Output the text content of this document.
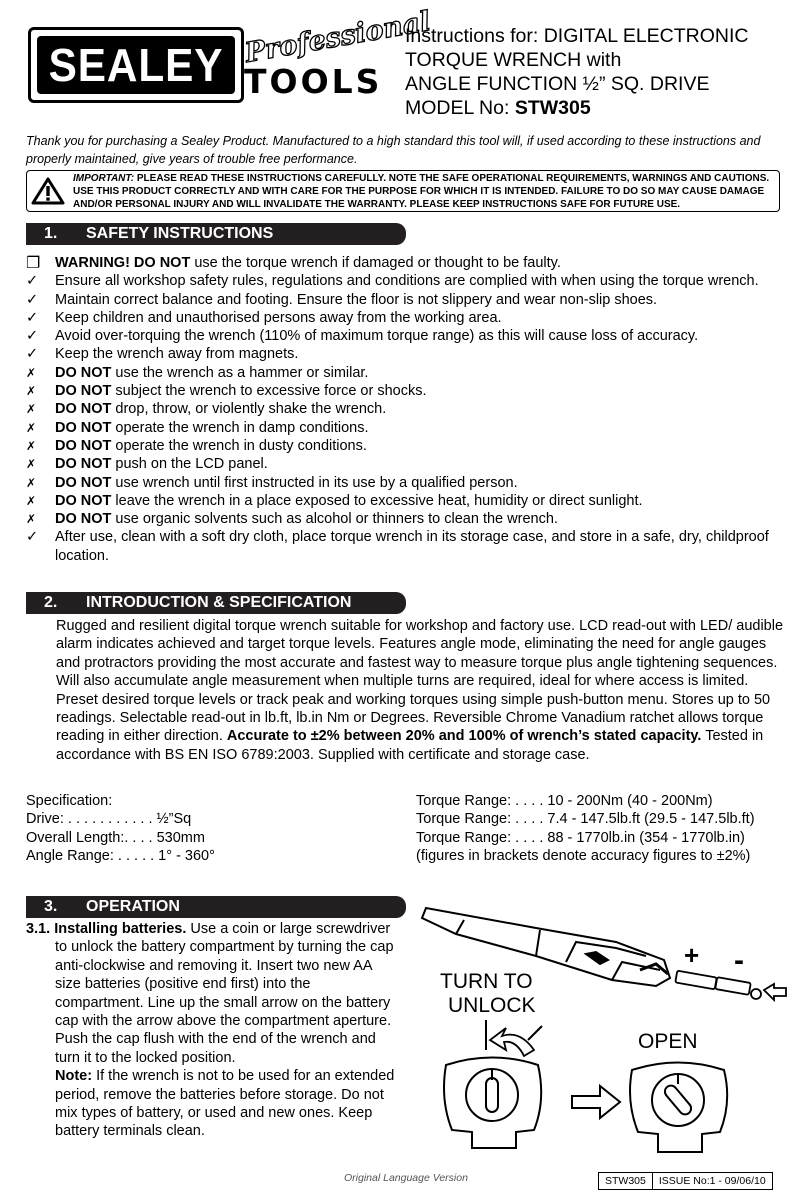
SEALEY Professional
TOOLS
Instructions for: DIGITAL ELECTRONIC
TORQUE WRENCH with
ANGLE FUNCTION ½” SQ. DRIVE
MODEL No: STW305
Thank you for purchasing a Sealey Product. Manufactured to a high standard this tool will, if used according to these instructions and properly maintained, give years of trouble free performance.
IMPORTANT: PLEASE READ THESE INSTRUCTIONS CAREFULLY. NOTE THE SAFE OPERATIONAL REQUIREMENTS, WARNINGS AND CAUTIONS. USE THIS PRODUCT CORRECTLY AND WITH CARE FOR THE PURPOSE FOR WHICH IT IS INTENDED. FAILURE TO DO SO MAY CAUSE DAMAGE AND/OR PERSONAL INJURY AND WILL INVALIDATE THE WARRANTY. PLEASE KEEP INSTRUCTIONS SAFE FOR FUTURE USE.
1. SAFETY INSTRUCTIONS
❐	WARNING! DO NOT use the torque wrench if damaged or thought to be faulty.
✓	Ensure all workshop safety rules, regulations and conditions are complied with when using the torque wrench.
✓	Maintain correct balance and footing. Ensure the floor is not slippery and wear non-slip shoes.
✓	Keep children and unauthorised persons away from the working area.
✓	Avoid over-torquing the wrench (110% of maximum torque range) as this will cause loss of accuracy.
✓	Keep the wrench away from magnets.
✗	DO NOT use the wrench as a hammer or similar.
✗	DO NOT subject the wrench to excessive force or shocks.
✗	DO NOT drop, throw, or violently shake the wrench.
✗	DO NOT operate the wrench in damp conditions.
✗	DO NOT operate the wrench in dusty conditions.
✗	DO NOT push on the LCD panel.
✗	DO NOT use wrench until first instructed in its use by a qualified person.
✗	DO NOT leave the wrench in a place exposed to excessive heat, humidity or direct sunlight.
✗	DO NOT use organic solvents such as alcohol or thinners to clean the wrench.
✓	After use, clean with a soft dry cloth, place torque wrench in its storage case, and store in a safe, dry, childproof location.
2. INTRODUCTION & SPECIFICATION
Rugged and resilient digital torque wrench suitable for workshop and factory use. LCD read-out with LED/ audible alarm indicates achieved and target torque levels. Features angle mode, eliminating the need for angle gauges and protractors providing the most accurate and fastest way to measure torque plus angle tightening sequences. Will also accumulate angle measurement when multiple turns are required, ideal for where access is limited. Preset desired torque levels or track peak and working torques using simple push-button menu. Stores up to 50 readings. Selectable read-out in lb.ft, lb.in Nm or Degrees. Reversible Chrome Vanadium ratchet allows torque reading in either direction. Accurate to ±2% between 20% and 100% of wrench’s stated capacity. Tested in accordance with BS EN ISO 6789:2003. Supplied with certificate and storage case.
Specification:
Drive: . . . . . . . . . . . ½”Sq
Overall Length:. . . . 530mm
Angle Range: . . . . . 1° - 360°
Torque Range: . . . . 10 - 200Nm (40 - 200Nm)
Torque Range: . . . . 7.4 - 147.5lb.ft (29.5 - 147.5lb.ft)
Torque Range: . . . . 88 - 1770lb.in (354 - 1770lb.in)
(figures in brackets denote accuracy figures to ±2%)
3. OPERATION
3.1. Installing batteries. Use a coin or large screwdriver to unlock the battery compartment by turning the cap anti-clockwise and removing it. Insert two new AA size batteries (positive end first) into the compartment. Line up the small arrow on the battery cap with the arrow above the compartment aperture. Push the cap flush with the end of the wrench and turn it to the locked position.
Note: If the wrench is not to be used for an extended period, remove the batteries before storage. Do not mix types of battery, or used and new ones. Keep battery terminals clean.
+ -
TURN TO
UNLOCK
OPEN
Original Language Version	STW305	ISSUE No:1 - 09/06/10
